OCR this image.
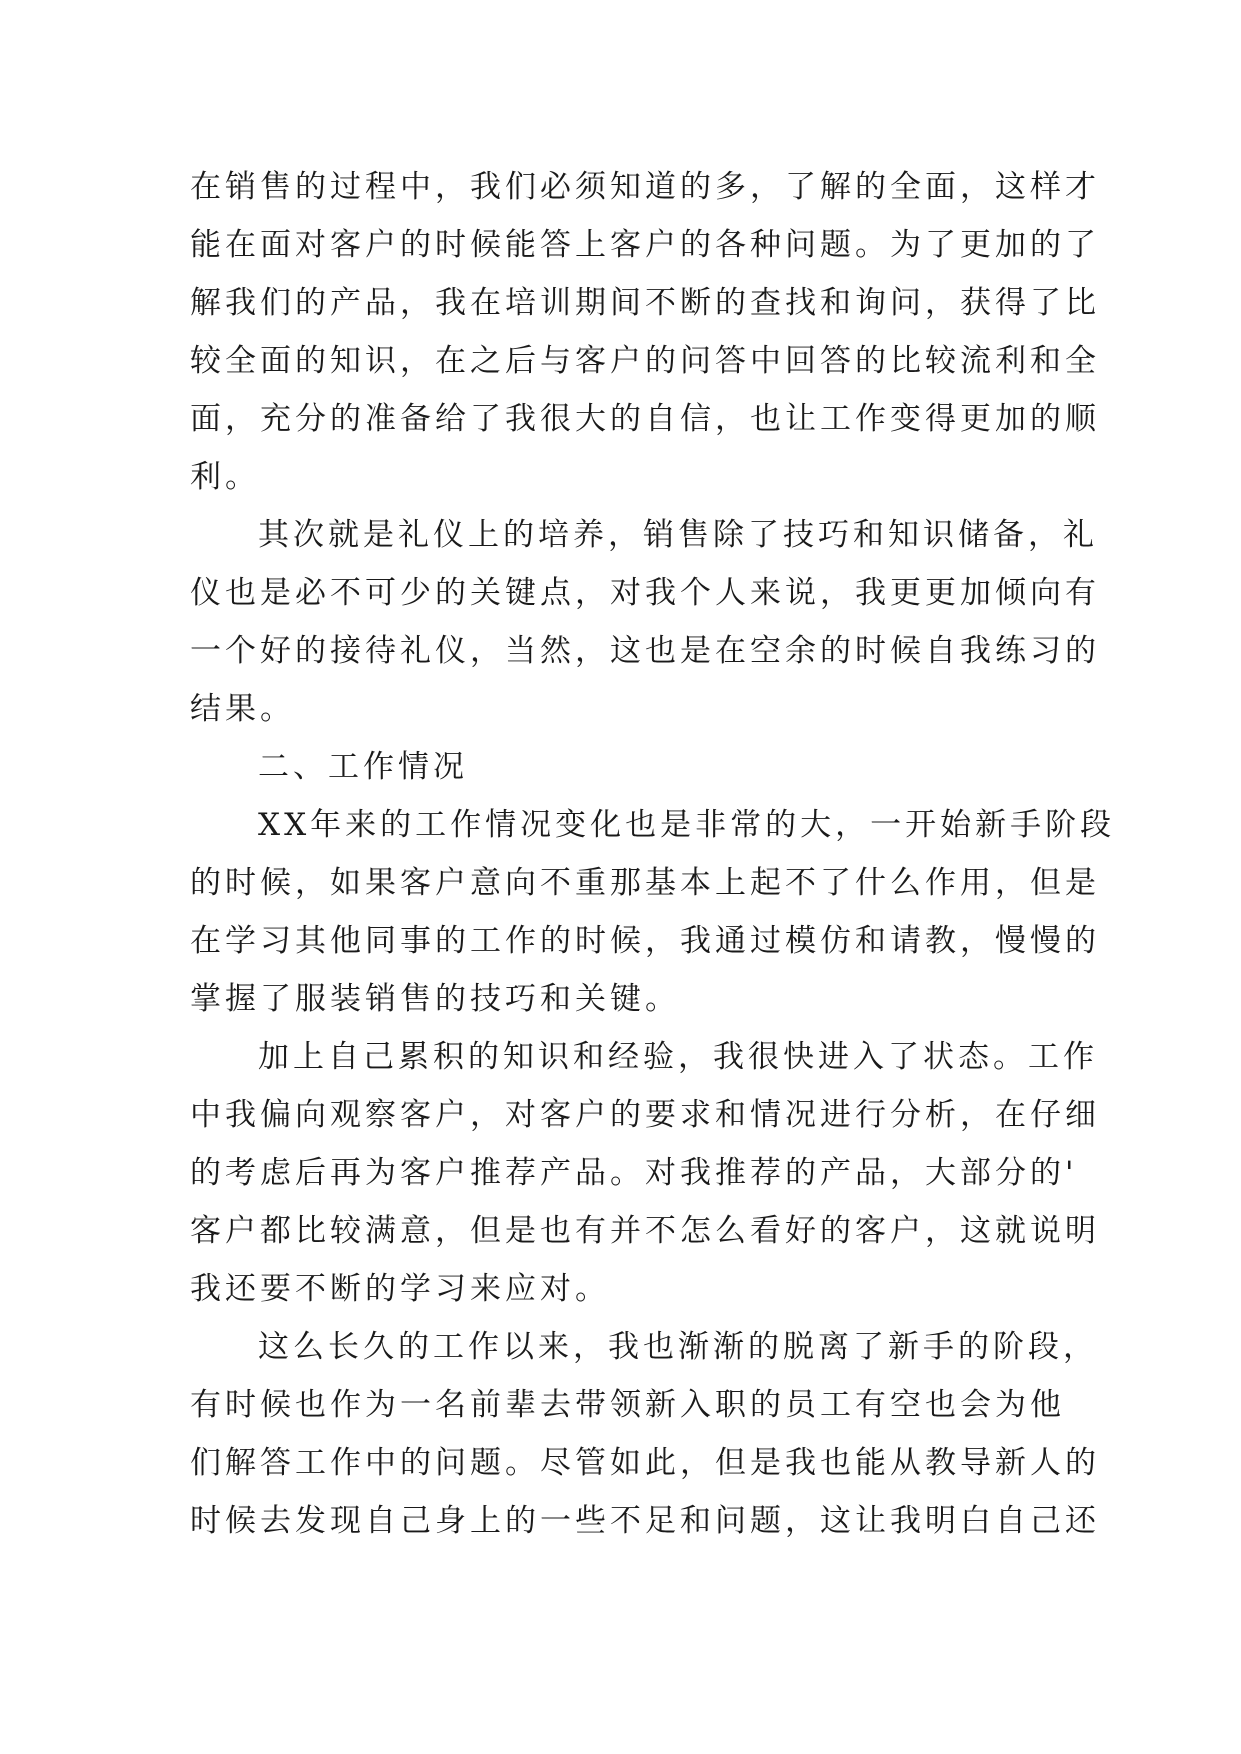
在销售的过程中，我们必须知道的多，了解的全面，这样才
能在面对客户的时候能答上客户的各种问题。为了更加的了
解我们的产品，我在培训期间不断的查找和询问，获得了比
较全面的知识，在之后与客户的问答中回答的比较流利和全
面，充分的准备给了我很大的自信，也让工作变得更加的顺
利。
其次就是礼仪上的培养，销售除了技巧和知识储备，礼
仪也是必不可少的关键点，对我个人来说，我更更加倾向有
一个好的接待礼仪，当然，这也是在空余的时候自我练习的
结果。
二、工作情况
XX年来的工作情况变化也是非常的大，一开始新手阶段
的时候，如果客户意向不重那基本上起不了什么作用，但是
在学习其他同事的工作的时候，我通过模仿和请教，慢慢的
掌握了服装销售的技巧和关键。
加上自己累积的知识和经验，我很快进入了状态。工作
中我偏向观察客户，对客户的要求和情况进行分析，在仔细
的考虑后再为客户推荐产品。对我推荐的产品，大部分的'
客户都比较满意，但是也有并不怎么看好的客户，这就说明
我还要不断的学习来应对。
这么长久的工作以来，我也渐渐的脱离了新手的阶段，
有时候也作为一名前辈去带领新入职的员工有空也会为他
们解答工作中的问题。尽管如此，但是我也能从教导新人的
时候去发现自己身上的一些不足和问题，这让我明白自己还
